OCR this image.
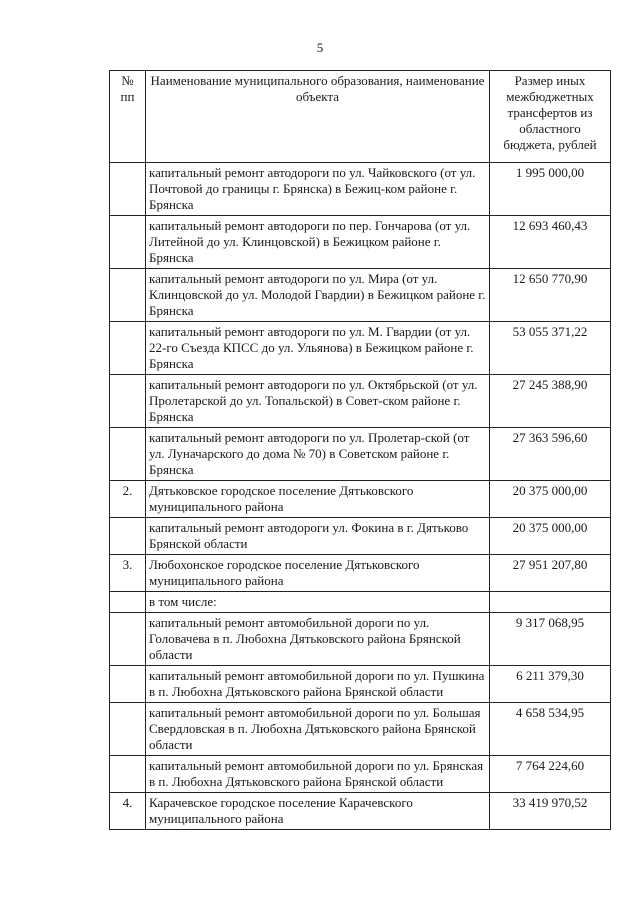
5
№ пп	Наименование муниципального образования, наименование объекта	Размер иных межбюджетных трансфертов из областного бюджета, рублей
	капитальный ремонт автодороги по ул. Чайковского (от ул. Почтовой до границы г. Брянска) в Бежиц-ком районе г. Брянска	1 995 000,00
	капитальный ремонт автодороги по пер. Гончарова (от ул. Литейной до ул. Клинцовской) в Бежицком районе г. Брянска	12 693 460,43
	капитальный ремонт автодороги по ул. Мира (от ул. Клинцовской до ул. Молодой Гвардии) в Бежицком районе г. Брянска	12 650 770,90
	капитальный ремонт автодороги по ул. М. Гвардии (от ул. 22-го Съезда КПСС до ул. Ульянова) в Бежицком районе г. Брянска	53 055 371,22
	капитальный ремонт автодороги по ул. Октябрьской (от ул. Пролетарской до ул. Топальской) в Совет-ском районе г. Брянска	27 245 388,90
	капитальный ремонт автодороги по ул. Пролетар-ской (от ул. Луначарского до дома № 70) в Советском районе г. Брянска	27 363 596,60
2.	Дятьковское городское поселение Дятьковского муниципального района	20 375 000,00
	капитальный ремонт автодороги ул. Фокина в г. Дятьково Брянской области	20 375 000,00
3.	Любохонское городское поселение Дятьковского муниципального района	27 951 207,80
	в том числе:	
	капитальный ремонт автомобильной дороги по ул. Головачева в п. Любохна Дятьковского района Брянской области	9 317 068,95
	капитальный ремонт автомобильной дороги по ул. Пушкина в п. Любохна Дятьковского района Брянской области	6 211 379,30
	капитальный ремонт автомобильной дороги по ул. Большая Свердловская в п. Любохна Дятьковского района Брянской области	4 658 534,95
	капитальный ремонт автомобильной дороги по ул. Брянская в п. Любохна Дятьковского района Брянской области	7 764 224,60
4.	Карачевское городское поселение Карачевского муниципального района	33 419 970,52
